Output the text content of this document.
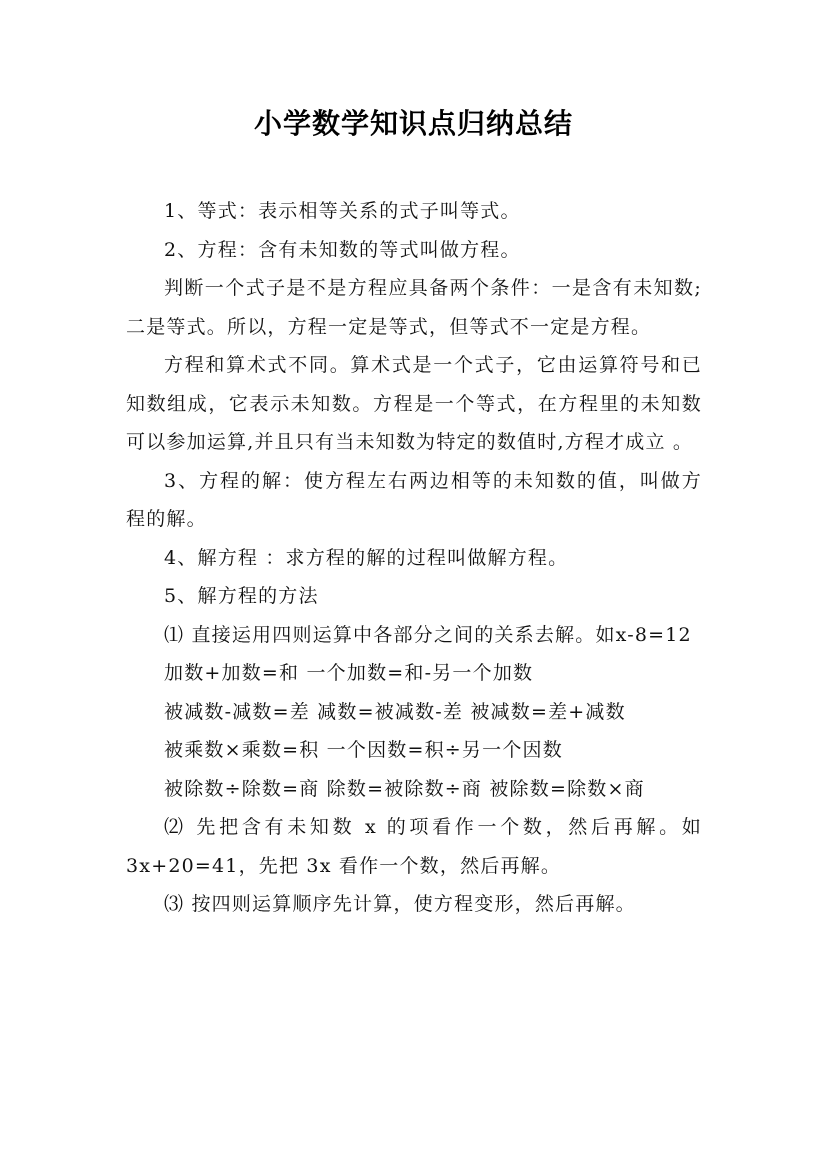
小学数学知识点归纳总结

1、等式：表示相等关系的式子叫等式。

2、方程：含有未知数的等式叫做方程。

判断一个式子是不是方程应具备两个条件：一是含有未知数;二是等式。所以，方程一定是等式，但等式不一定是方程。

方程和算术式不同。算术式是一个式子，它由运算符号和已知数组成，它表示未知数。方程是一个等式，在方程里的未知数可以参加运算,并且只有当未知数为特定的数值时,方程才成立 。

3、方程的解：使方程左右两边相等的未知数的值，叫做方程的解。

4、解方程 ：求方程的解的过程叫做解方程。

5、解方程的方法

⑴ 直接运用四则运算中各部分之间的关系去解。如x-8=12

加数+加数=和 一个加数=和-另一个加数

被减数-减数=差 减数=被减数-差 被减数=差+减数

被乘数×乘数=积 一个因数=积÷另一个因数

被除数÷除数=商 除数=被除数÷商 被除数=除数×商

⑵ 先把含有未知数 x 的项看作一个数，然后再解。如3x+20=41，先把 3x 看作一个数，然后再解。

⑶ 按四则运算顺序先计算，使方程变形，然后再解。
